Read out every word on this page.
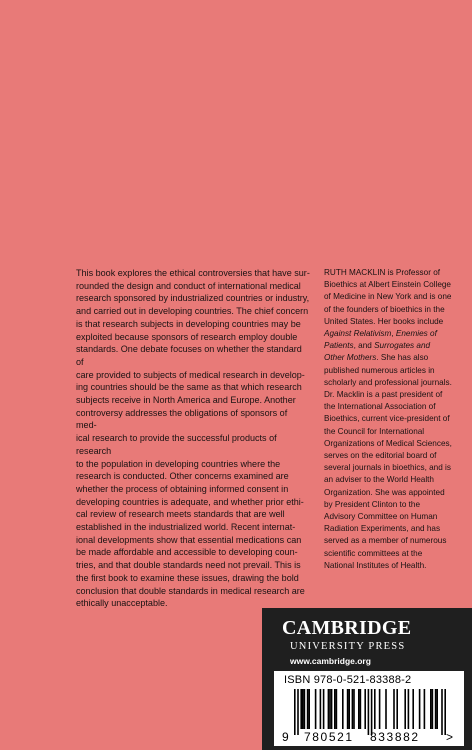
This book explores the ethical controversies that have sur-
rounded the design and conduct of international medical
research sponsored by industrialized countries or industry,
and carried out in developing countries. The chief concern
is that research subjects in developing countries may be
exploited because sponsors of research employ double
standards. One debate focuses on whether the standard of
care provided to subjects of medical research in develop-
ing countries should be the same as that which research
subjects receive in North America and Europe. Another
controversy addresses the obligations of sponsors of med-
ical research to provide the successful products of research
to the population in developing countries where the
research is conducted. Other concerns examined are
whether the process of obtaining informed consent in
developing countries is adequate, and whether prior ethi-
cal review of research meets standards that are well
established in the industrialized world. Recent internat-
ional developments show that essential medications can
be made affordable and accessible to developing coun-
tries, and that double standards need not prevail. This is
the first book to examine these issues, drawing the bold
conclusion that double standards in medical research are
ethically unacceptable.
RUTH MACKLIN is Professor of Bioethics at Albert Einstein College of Medicine in New York and is one of the founders of bioethics in the United States. Her books include Against Relativism, Enemies of Patients, and Surrogates and Other Mothers. She has also published numerous articles in scholarly and professional journals. Dr. Macklin is a past president of the International Association of Bioethics, current vice-president of the Council for International Organizations of Medical Sciences, serves on the editorial board of several journals in bioethics, and is an adviser to the World Health Organization. She was appointed by President Clinton to the Advisory Committee on Human Radiation Experiments, and has served as a member of numerous scientific committees at the National Institutes of Health.
CAMBRIDGE
UNIVERSITY PRESS
www.cambridge.org
ISBN 978-0-521-83388-2
9 780521 833882 >
